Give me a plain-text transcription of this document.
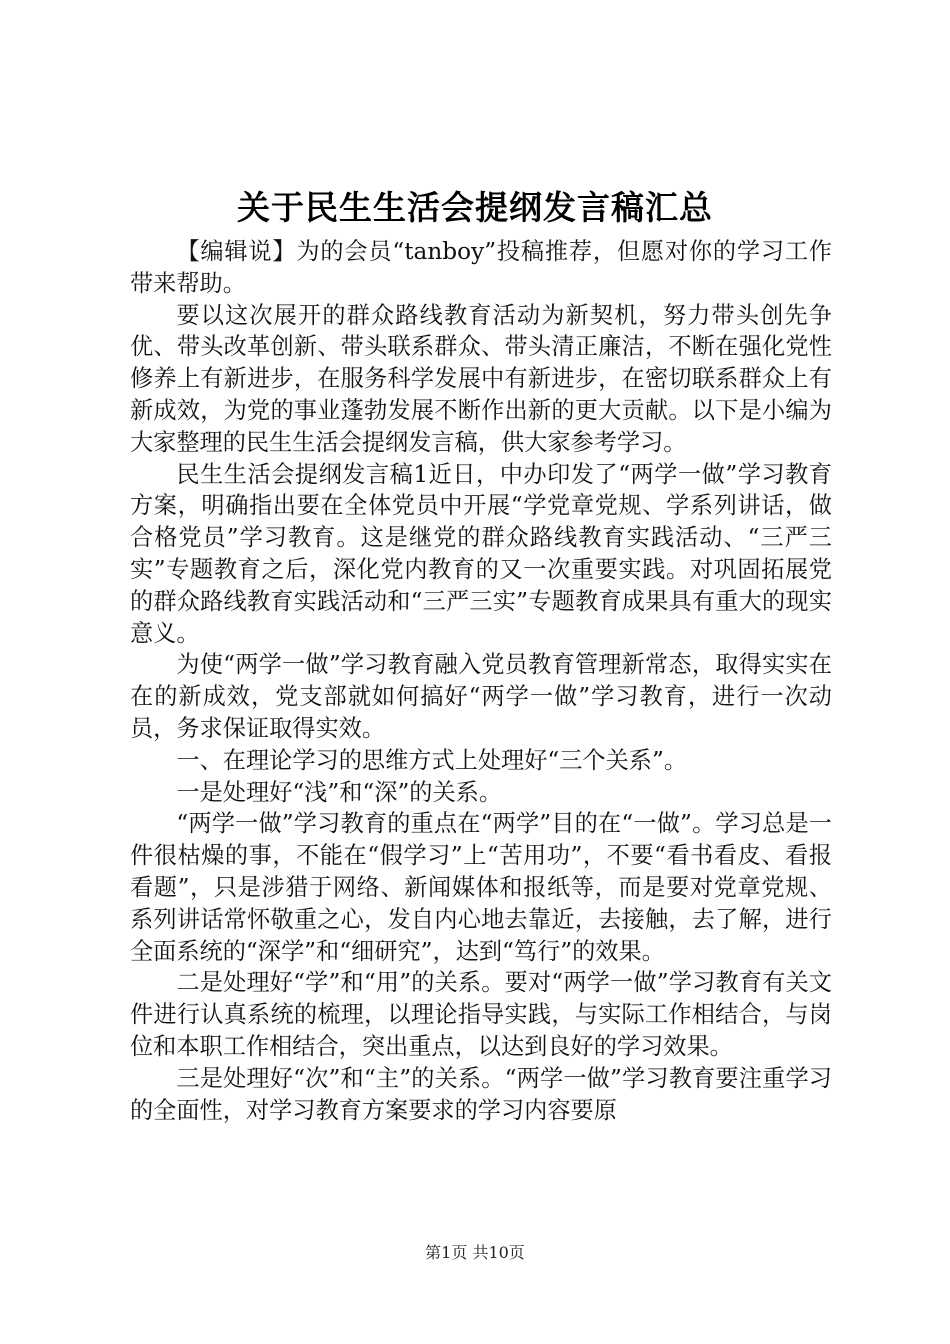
关于民生生活会提纲发言稿汇总

【编辑说】为的会员“tanboy”投稿推荐，但愿对你的学习工作带来帮助。

要以这次展开的群众路线教育活动为新契机，努力带头创先争优、带头改革创新、带头联系群众、带头清正廉洁，不断在强化党性修养上有新进步，在服务科学发展中有新进步，在密切联系群众上有新成效，为党的事业蓬勃发展不断作出新的更大贡献。以下是小编为大家整理的民生生活会提纲发言稿，供大家参考学习。

民生生活会提纲发言稿1近日，中办印发了“两学一做”学习教育方案，明确指出要在全体党员中开展“学党章党规、学系列讲话，做合格党员”学习教育。这是继党的群众路线教育实践活动、“三严三实”专题教育之后，深化党内教育的又一次重要实践。对巩固拓展党的群众路线教育实践活动和“三严三实”专题教育成果具有重大的现实意义。

为使“两学一做”学习教育融入党员教育管理新常态，取得实实在在的新成效，党支部就如何搞好“两学一做”学习教育，进行一次动员，务求保证取得实效。

一、在理论学习的思维方式上处理好“三个关系”。

一是处理好“浅”和“深”的关系。

“两学一做”学习教育的重点在“两学”目的在“一做”。学习总是一件很枯燥的事，不能在“假学习”上“苦用功”，不要“看书看皮、看报看题”，只是涉猎于网络、新闻媒体和报纸等，而是要对党章党规、系列讲话常怀敬重之心，发自内心地去靠近，去接触，去了解，进行全面系统的“深学”和“细研究”，达到“笃行”的效果。

二是处理好“学”和“用”的关系。要对“两学一做”学习教育有关文件进行认真系统的梳理，以理论指导实践，与实际工作相结合，与岗位和本职工作相结合，突出重点，以达到良好的学习效果。

三是处理好“次”和“主”的关系。“两学一做”学习教育要注重学习的全面性，对学习教育方案要求的学习内容要原

第1页 共10页
